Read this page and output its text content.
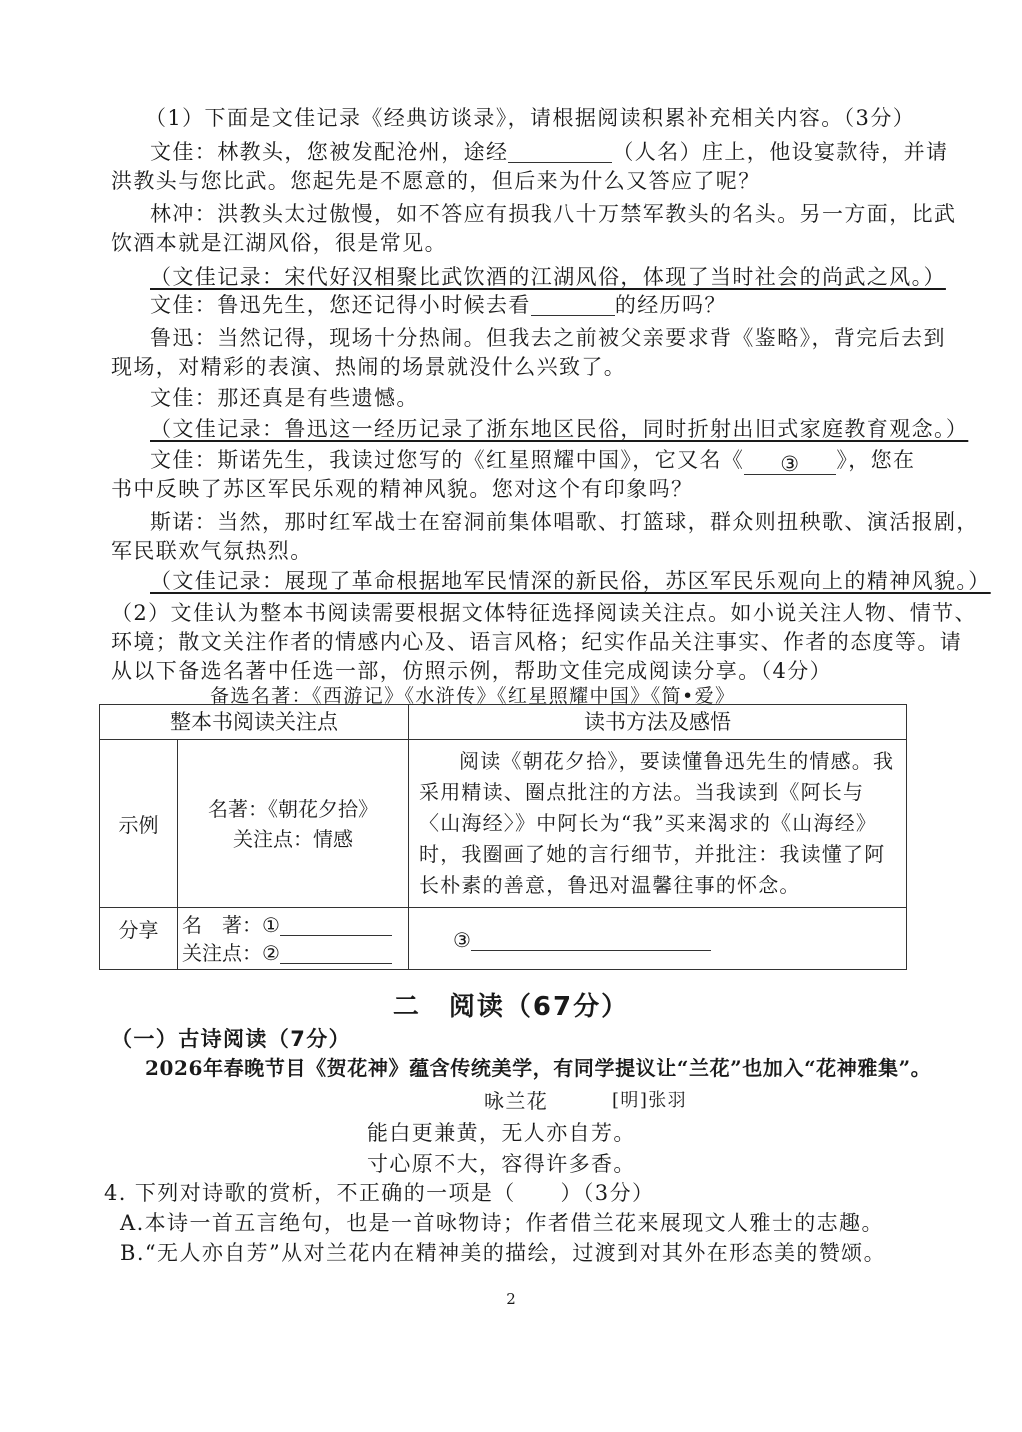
（1）下面是文佳记录《经典访谈录》，请根据阅读积累补充相关内容。（3分）
文佳：林教头，您被发配沧州，途经	（人名）庄上，他设宴款待，并请
洪教头与您比武。您起先是不愿意的，但后来为什么又答应了呢？
林冲：洪教头太过傲慢，如不答应有损我八十万禁军教头的名头。另一方面，比武
饮酒本就是江湖风俗，很是常见。
（文佳记录：宋代好汉相聚比武饮酒的江湖风俗，体现了当时社会的尚武之风。）
文佳：鲁迅先生，您还记得小时候去看	的经历吗？
鲁迅：当然记得，现场十分热闹。但我去之前被父亲要求背《鉴略》，背完后去到
现场，对精彩的表演、热闹的场景就没什么兴致了。
文佳：那还真是有些遗憾。
（文佳记录：鲁迅这一经历记录了浙东地区民俗，同时折射出旧式家庭教育观念。）
文佳：斯诺先生，我读过您写的《红星照耀中国》，它又名《 ③ 》，您在
书中反映了苏区军民乐观的精神风貌。您对这个有印象吗？
斯诺：当然，那时红军战士在窑洞前集体唱歌、打篮球，群众则扭秧歌、演活报剧，
军民联欢气氛热烈。
（文佳记录：展现了革命根据地军民情深的新民俗，苏区军民乐观向上的精神风貌。）
（2）文佳认为整本书阅读需要根据文体特征选择阅读关注点。如小说关注人物、情节、
环境；散文关注作者的情感内心及、语言风格；纪实作品关注事实、作者的态度等。请
从以下备选名著中任选一部，仿照示例，帮助文佳完成阅读分享。（4分）
备选名著：《西游记》《水浒传》《红星照耀中国》《简•爱》
整本书阅读关注点		读书方法及感悟
示例	名著：《朝花夕拾》
关注点：情感	阅读《朝花夕拾》，要读懂鲁迅先生的情感。我采用精读、圈点批注的方法。当我读到《阿长与〈山海经〉》中阿长为“我”买来渴求的《山海经》时，我圈画了她的言行细节，并批注：我读懂了阿长朴素的善意，鲁迅对温馨往事的怀念。
分享	名　著：①
关注点：②	③
二　阅读（67分）
（一）古诗阅读（7分）
2026年春晚节目《贺花神》蕴含传统美学，有同学提议让“兰花”也加入“花神雅集”。
咏兰花	[明]张羽
能白更兼黄，无人亦自芳。
寸心原不大，容得许多香。
4. 下列对诗歌的赏析，不正确的一项是（　　）（3分）
A.本诗一首五言绝句，也是一首咏物诗；作者借兰花来展现文人雅士的志趣。
B.“无人亦自芳”从对兰花内在精神美的描绘，过渡到对其外在形态美的赞颂。
2
